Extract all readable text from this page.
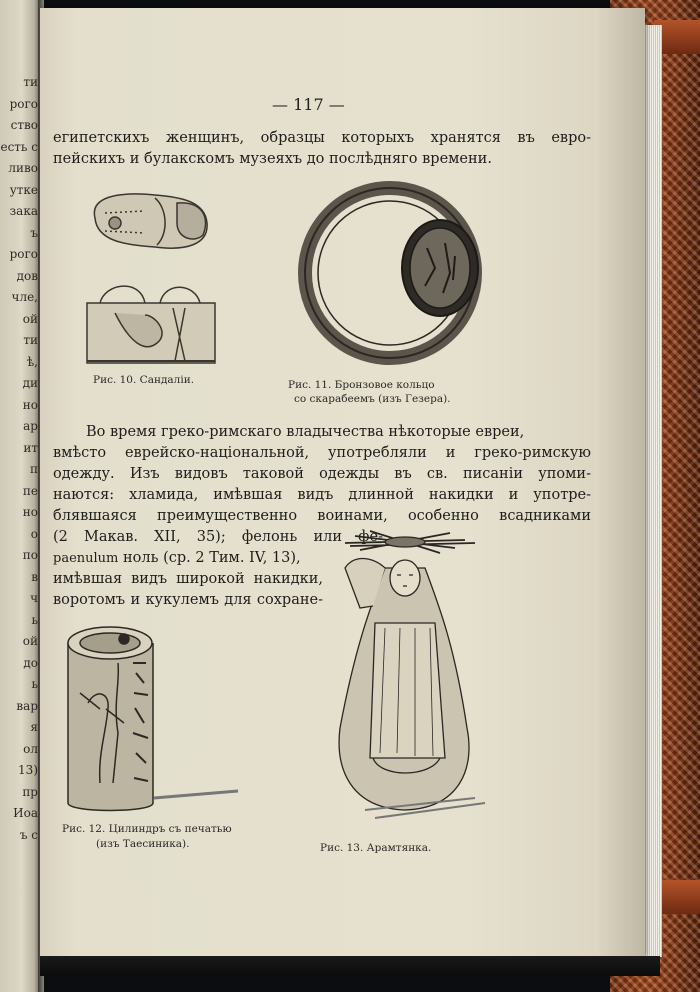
ти
рого
ство
есть с
ливо
утке
зака
ъ
рого
дов
чле,
ой
ти
ѣ,
ди
но
ар
ит
п
пе
но
о
по
в
ч
ь
ой
до
ь
вар
я
ол
13)
пр
Иоа
ъ с
— 117 —
египетскихъ женщинъ, образцы которыхъ хранятся въ евро-
пейскихъ и булакскомъ музеяхъ до послѣдняго времени.
Рис. 10. Сандаліи.	Рис. 11. Бронзовое кольцо
со скарабеемъ (изъ Гезера).
Во время греко-римскаго владычества нѣкоторые евреи,
вмѣсто еврейско-національной, употребляли и греко-римскую
одежду. Изъ видовъ таковой одежды въ св. писаніи упоми-
наются: хламида, имѣвшая видъ длинной накидки и употре-
блявшаяся преимущественно воинами, особенно всадниками
(2 Макав. XII, 35); фелонь или фе-
paenulum ноль (ср. 2 Тим. IV, 13),
имѣвшая видъ широкой накидки,
воротомъ и кукулемъ для сохране-
Рис. 12. Цилиндръ съ печатью
(изъ Таесиника).	Рис. 13. Арамтянка.
